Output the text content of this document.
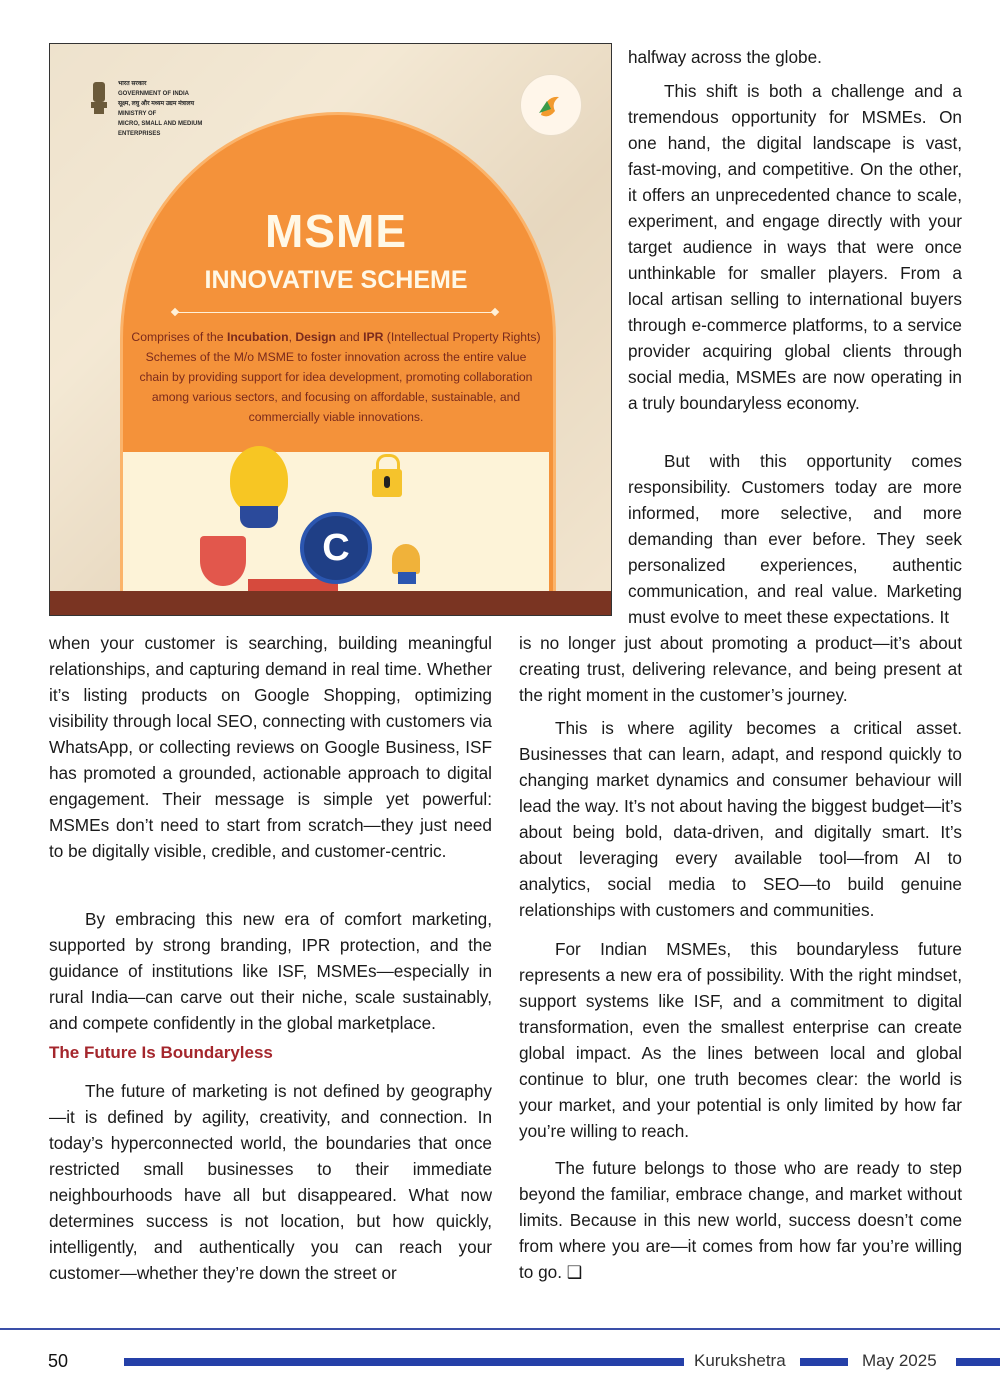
भारत सरकार
GOVERNMENT OF INDIA
सूक्ष्म, लघु और मध्यम उद्यम मंत्रालय
MINISTRY OF
MICRO, SMALL AND MEDIUM
ENTERPRISES
MSME
INNOVATIVE SCHEME
Comprises of the Incubation, Design and IPR (Intellectual Property Rights) Schemes of the M/o MSME to foster innovation across the entire value chain by providing support for idea development, promoting collaboration among various sectors, and focusing on affordable, sustainable, and commercially viable innovations.
C

halfway across the globe.

This shift is both a challenge and a tremendous opportunity for MSMEs. On one hand, the digital landscape is vast, fast-moving, and competitive. On the other, it offers an unprecedented chance to scale, experiment, and engage directly with your target audience in ways that were once unthinkable for smaller players. From a local artisan selling to international buyers through e-commerce platforms, to a service provider acquiring global clients through social media, MSMEs are now operating in a truly boundaryless economy.

But with this opportunity comes responsibility. Customers today are more informed, more selective, and more demanding than ever before. They seek personalized experiences, authentic communication, and real value. Marketing must evolve to meet these expectations. It

when your customer is searching, building meaningful relationships, and capturing demand in real time. Whether it’s listing products on Google Shopping, optimizing visibility through local SEO, connecting with customers via WhatsApp, or collecting reviews on Google Business, ISF has promoted a grounded, actionable approach to digital engagement. Their message is simple yet powerful: MSMEs don’t need to start from scratch—they just need to be digitally visible, credible, and customer-centric.

By embracing this new era of comfort marketing, supported by strong branding, IPR protection, and the guidance of institutions like ISF, MSMEs—especially in rural India—can carve out their niche, scale sustainably, and compete confidently in the global marketplace.

The Future Is Boundaryless

The future of marketing is not defined by geography—it is defined by agility, creativity, and connection. In today’s hyperconnected world, the boundaries that once restricted small businesses to their immediate neighbourhoods have all but disappeared. What now determines success is not location, but how quickly, intelligently, and authentically you can reach your customer—whether they’re down the street or

is no longer just about promoting a product—it’s about creating trust, delivering relevance, and being present at the right moment in the customer’s journey.

This is where agility becomes a critical asset. Businesses that can learn, adapt, and respond quickly to changing market dynamics and consumer behaviour will lead the way. It’s not about having the biggest budget—it’s about being bold, data-driven, and digitally smart. It’s about leveraging every available tool—from AI to analytics, social media to SEO—to build genuine relationships with customers and communities.

For Indian MSMEs, this boundaryless future represents a new era of possibility. With the right mindset, support systems like ISF, and a commitment to digital transformation, even the smallest enterprise can create global impact. As the lines between local and global continue to blur, one truth becomes clear: the world is your market, and your potential is only limited by how far you’re willing to reach.

The future belongs to those who are ready to step beyond the familiar, embrace change, and market without limits. Because in this new world, success doesn’t come from where you are—it comes from how far you’re willing to go. ❑

50	Kurukshetra	May 2025
